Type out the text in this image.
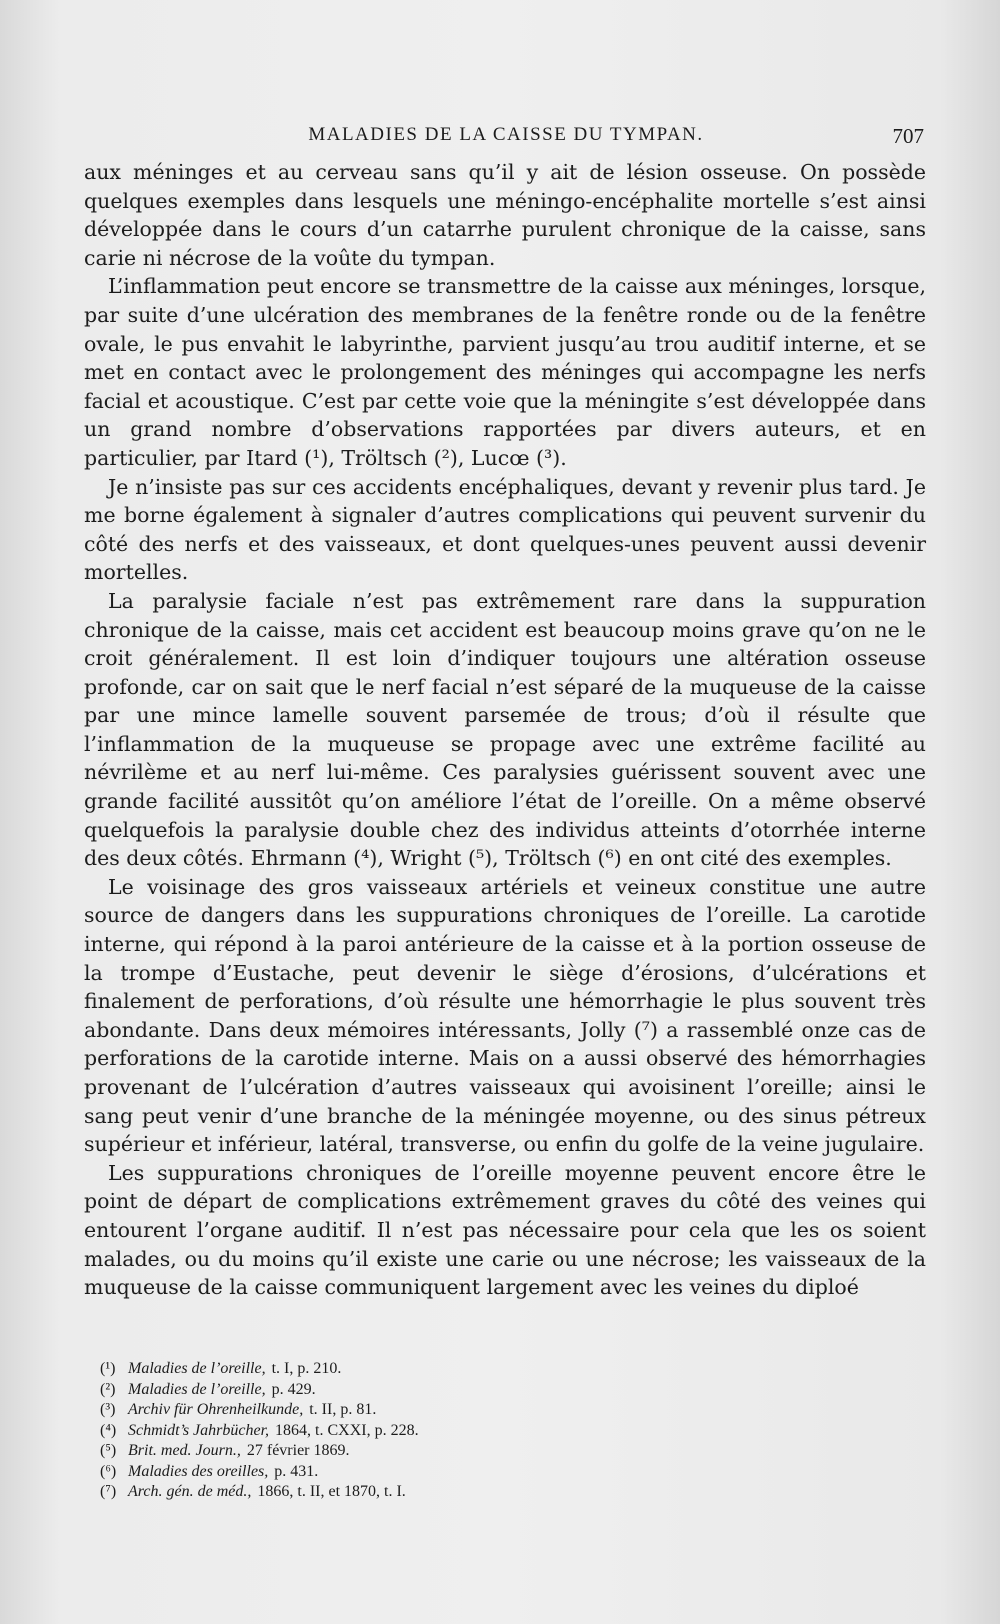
MALADIES DE LA CAISSE DU TYMPAN.	707

aux méninges et au cerveau sans qu’il y ait de lésion osseuse. On possède quelques exemples dans lesquels une méningo-encéphalite mortelle s’est ainsi développée dans le cours d’un catarrhe purulent chronique de la caisse, sans carie ni nécrose de la voûte du tympan.

L’inflammation peut encore se transmettre de la caisse aux méninges, lorsque, par suite d’une ulcération des membranes de la fenêtre ronde ou de la fenêtre ovale, le pus envahit le labyrinthe, parvient jusqu’au trou auditif interne, et se met en contact avec le prolongement des méninges qui accompagne les nerfs facial et acoustique. C’est par cette voie que la méningite s’est développée dans un grand nombre d’observations rapportées par divers auteurs, et en particulier, par Itard (¹), Tröltsch (²), Lucœ (³).

Je n’insiste pas sur ces accidents encéphaliques, devant y revenir plus tard. Je me borne également à signaler d’autres complications qui peuvent survenir du côté des nerfs et des vaisseaux, et dont quelques-unes peuvent aussi devenir mortelles.

La paralysie faciale n’est pas extrêmement rare dans la suppuration chronique de la caisse, mais cet accident est beaucoup moins grave qu’on ne le croit généralement. Il est loin d’indiquer toujours une altération osseuse profonde, car on sait que le nerf facial n’est séparé de la muqueuse de la caisse par une mince lamelle souvent parsemée de trous; d’où il résulte que l’inflammation de la muqueuse se propage avec une extrême facilité au névrilème et au nerf lui-même. Ces paralysies guérissent souvent avec une grande facilité aussitôt qu’on améliore l’état de l’oreille. On a même observé quelquefois la paralysie double chez des individus atteints d’otorrhée interne des deux côtés. Ehrmann (⁴), Wright (⁵), Tröltsch (⁶) en ont cité des exemples.

Le voisinage des gros vaisseaux artériels et veineux constitue une autre source de dangers dans les suppurations chroniques de l’oreille. La carotide interne, qui répond à la paroi antérieure de la caisse et à la portion osseuse de la trompe d’Eustache, peut devenir le siège d’érosions, d’ulcérations et finalement de perforations, d’où résulte une hémorrhagie le plus souvent très abondante. Dans deux mémoires intéressants, Jolly (⁷) a rassemblé onze cas de perforations de la carotide interne. Mais on a aussi observé des hémorrhagies provenant de l’ulcération d’autres vaisseaux qui avoisinent l’oreille; ainsi le sang peut venir d’une branche de la méningée moyenne, ou des sinus pétreux supérieur et inférieur, latéral, transverse, ou enfin du golfe de la veine jugulaire.

Les suppurations chroniques de l’oreille moyenne peuvent encore être le point de départ de complications extrêmement graves du côté des veines qui entourent l’organe auditif. Il n’est pas nécessaire pour cela que les os soient malades, ou du moins qu’il existe une carie ou une nécrose; les vaisseaux de la muqueuse de la caisse communiquent largement avec les veines du diploé

(¹) Maladies de l’oreille, t. I, p. 210.
(²) Maladies de l’oreille, p. 429.
(³) Archiv für Ohrenheilkunde, t. II, p. 81.
(⁴) Schmidt’s Jahrbücher, 1864, t. CXXI, p. 228.
(⁵) Brit. med. Journ., 27 février 1869.
(⁶) Maladies des oreilles, p. 431.
(⁷) Arch. gén. de méd., 1866, t. II, et 1870, t. I.
